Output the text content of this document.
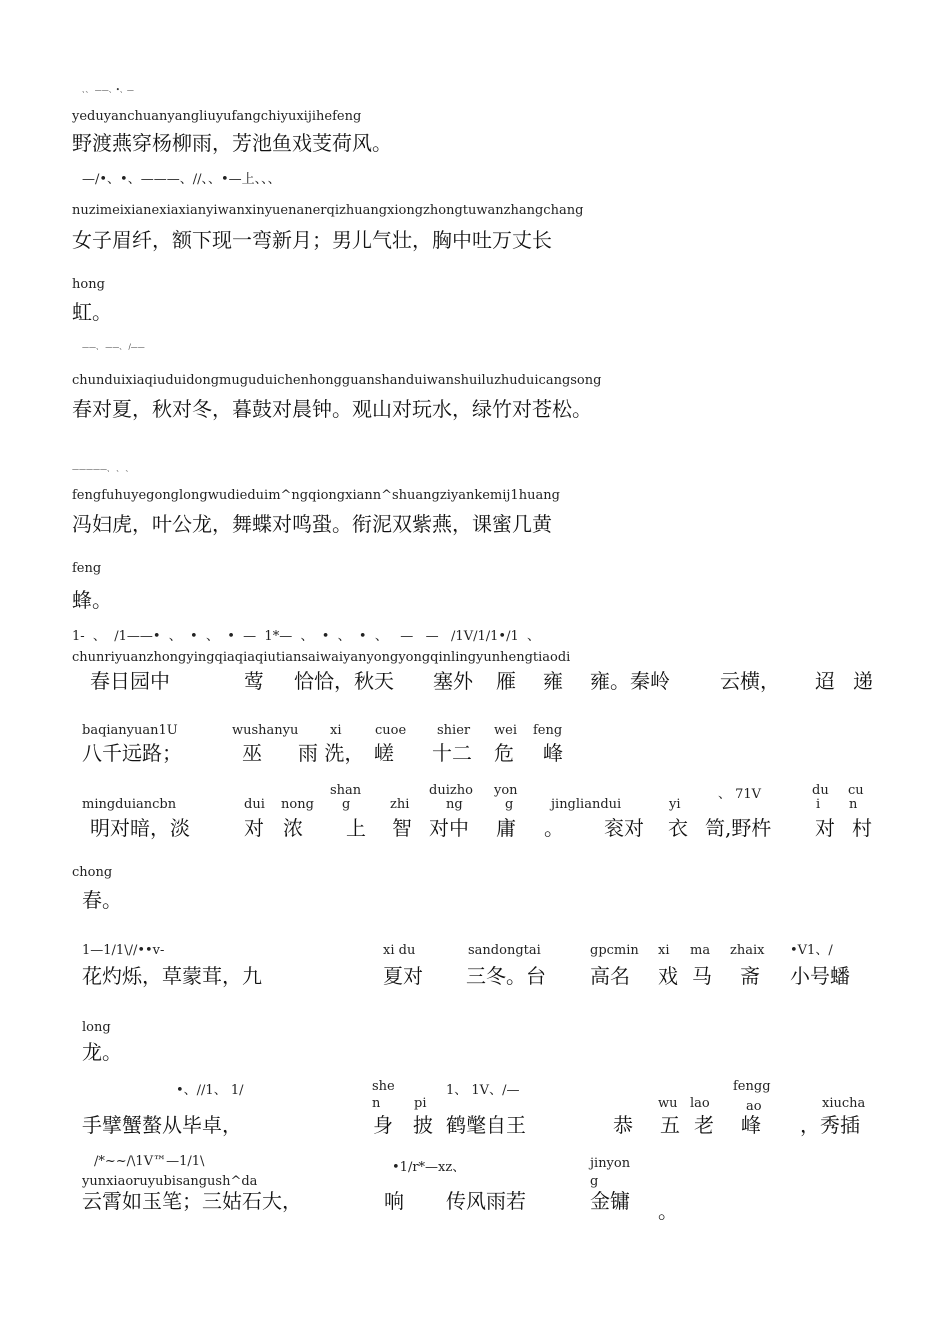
、、 ——、•、—
yeduyanchuanyangliuyufangchiyuxijihefeng
野渡燕穿杨柳雨，芳池鱼戏芰荷风。
—/•、•、———、//、、•—上、、、
nuzimeixianexiaxianyiwanxinyuenanerqizhuangxiongzhongtuwanzhangchang
女子眉纤，额下现一弯新月；男儿气壮，胸中吐万丈长
hong
虹。
——、 ——、 /——
chunduixiaqiuduidongmuguduichenhongguanshanduiwanshuiluzhuduicangsong
春对夏，秋对冬，暮鼓对晨钟。观山对玩水，绿竹对苍松。
—————、 、 、
fengfuhuyegonglongwudieduim^ngqiongxiann^shuangziyankemij1huang
冯妇虎，叶公龙，舞蝶对鸣蛩。衔泥双紫燕，课蜜几黄
feng
蜂。
1-  、  /1——•  、  •  、  •  —  1*—  、  •  、  •  、   —   —   /1V/1/1•/1  、
chunriyuanzhongyingqiaqiaqiutiansaiwaiyanyongyongqinlingyunhengtiaodi
春日园中	莺 恰恰，秋天 塞外 雁 雍 雍。秦岭	云横， 迢 递
baqianyuan1U	wushanyu xi	cuoe shier wei feng
八千远路；	巫 雨 洗， 嵯 十二 危 峰
shan	duizho yon	、 71V	du cu
mingduiancbn	dui nong g	zhi	ng	g	jingliandui	yi	i n
明对暗，淡	对 浓 上 智 对中 庸 。 衮对 衣 笥,野杵 对 村
chong
春。
1—1/1\//••v-	xi du	sandongtai	gpcmin xi ma zhaix •V1、/
花灼烁，草蒙茸，九	夏对 三冬。台 高名 戏 马 斋 小号蟠
long
龙。
•、//1、 1/	she	1、 1V、/—	fengg
n	pi	wu lao	ao	xiucha
手擘蟹螯从毕卓，	身 披 鹤氅自王	恭 五 老 峰 ，秀插
/*~~/\1V™—1/1\	•1/r*—xz、	jinyon
yunxiaoruyubisangush^da	g
云霄如玉笔；三姑石大，	响 传风雨若	金镛 。
